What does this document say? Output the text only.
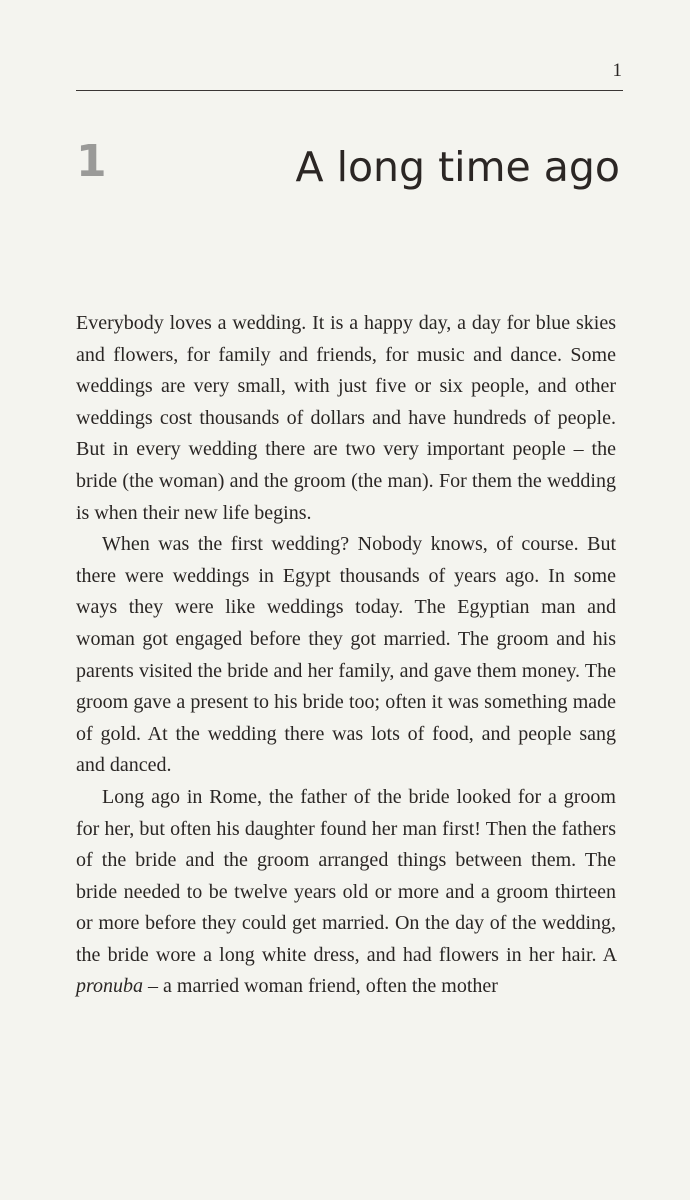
1
1	A long time ago

Everybody loves a wedding. It is a happy day, a day for blue skies and flowers, for family and friends, for music and dance. Some weddings are very small, with just five or six people, and other weddings cost thousands of dollars and have hundreds of people. But in every wedding there are two very important people – the bride (the woman) and the groom (the man). For them the wedding is when their new life begins.

When was the first wedding? Nobody knows, of course. But there were weddings in Egypt thousands of years ago. In some ways they were like weddings today. The Egyptian man and woman got engaged before they got married. The groom and his parents visited the bride and her family, and gave them money. The groom gave a present to his bride too; often it was something made of gold. At the wedding there was lots of food, and people sang and danced.

Long ago in Rome, the father of the bride looked for a groom for her, but often his daughter found her man first! Then the fathers of the bride and the groom arranged things between them. The bride needed to be twelve years old or more and a groom thirteen or more before they could get married. On the day of the wedding, the bride wore a long white dress, and had flowers in her hair. A pronuba – a married woman friend, often the mother
